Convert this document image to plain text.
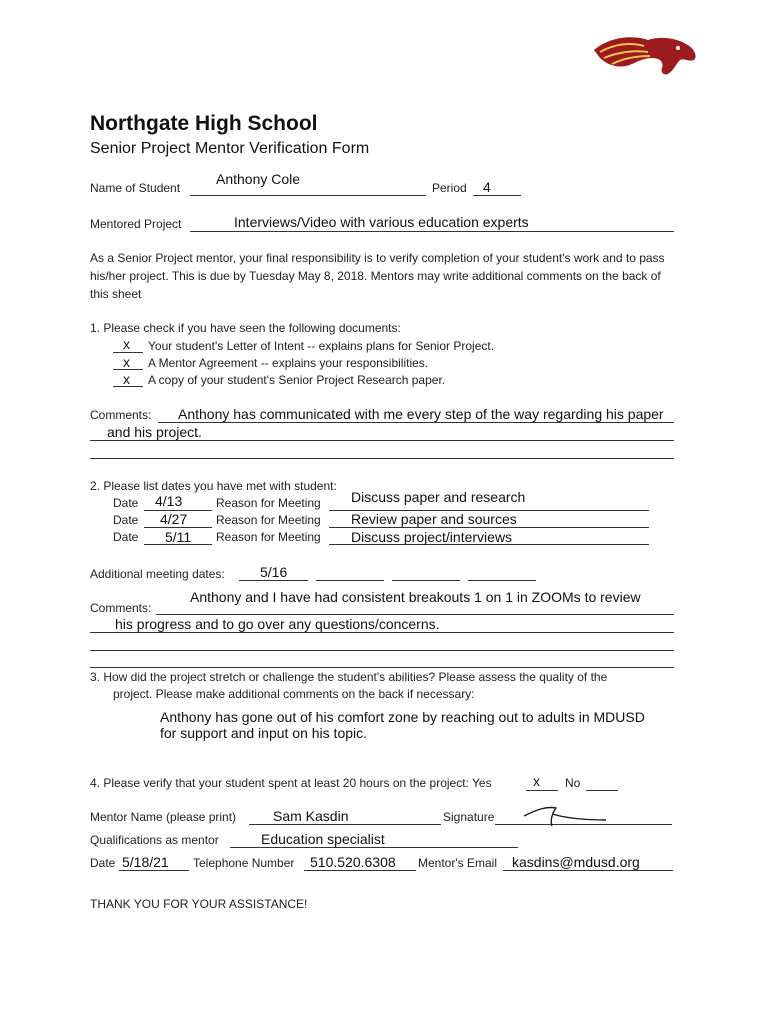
Northgate High School
Senior Project Mentor Verification Form
Name of Student
Anthony Cole
Period 4
Mentored Project	Interviews/Video with various education experts
As a Senior Project mentor, your final responsibility is to verify completion of your student's work and to pass his/her project. This is due by Tuesday May 8, 2018. Mentors may write additional comments on the back of this sheet
1. Please check if you have seen the following documents:
x Your student's Letter of Intent -- explains plans for Senior Project.
x A Mentor Agreement -- explains your responsibilities.
x A copy of your student's Senior Project Research paper.
Comments: Anthony has communicated with me every step of the way regarding his paper
and his project.
2. Please list dates you have met with student:
Date 4/13	Reason for Meeting Discuss paper and research
Date 4/27 Reason for Meeting Review paper and sources
Date 5/11 Reason for Meeting Discuss project/interviews
Additional meeting dates:	5/16
Comments:
Anthony and I have had consistent breakouts 1 on 1 in ZOOMs to review
his progress and to go over any questions/concerns.
3. How did the project stretch or challenge the student's abilities? Please assess the quality of the
project. Please make additional comments on the back if necessary:
Anthony has gone out of his comfort zone by reaching out to adults in MDUSD
for support and input on his topic.
4. Please verify that your student spent at least 20 hours on the project: Yes	x No
Mentor Name (please print)	Sam Kasdin	Signature
Qualifications as mentor	Education specialist
Date 5/18/21 Telephone Number 510.520.6308 Mentor's Email kasdins@mdusd.org
THANK YOU FOR YOUR ASSISTANCE!
